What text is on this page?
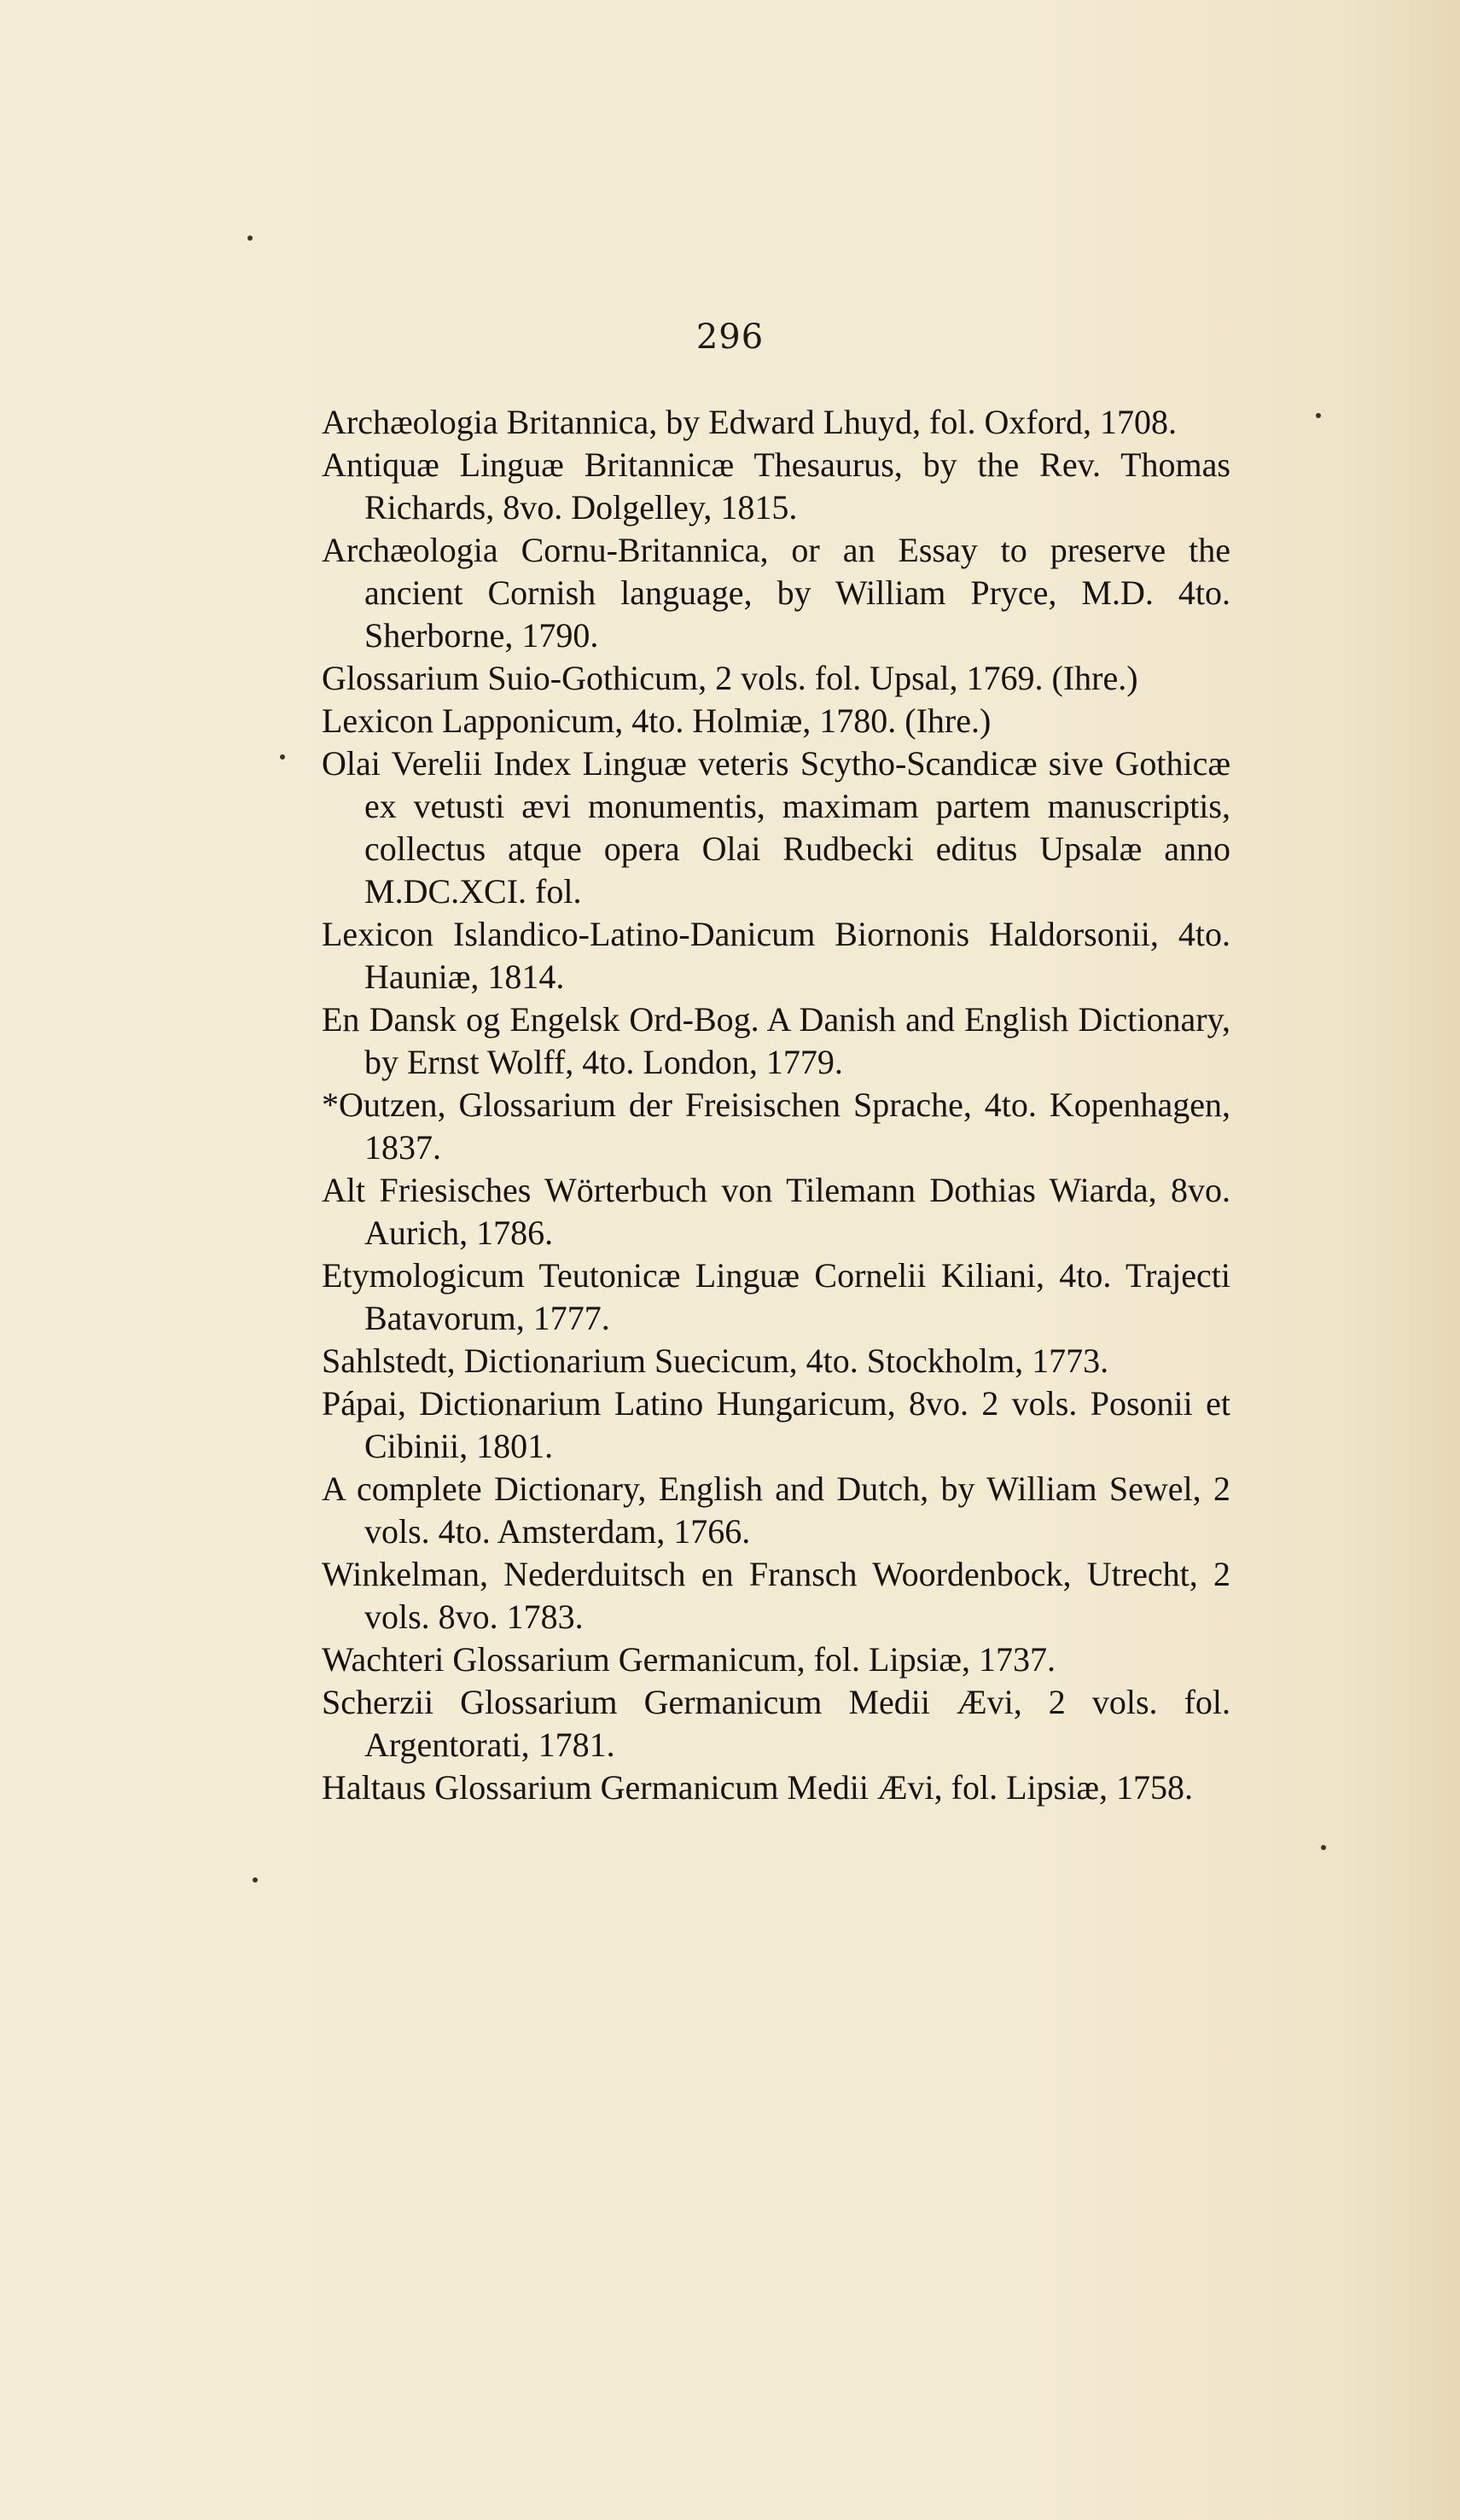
296

Archæologia Britannica, by Edward Lhuyd, fol. Oxford, 1708.

Antiquæ Linguæ Britannicæ Thesaurus, by the Rev. Thomas Richards, 8vo. Dolgelley, 1815.

Archæologia Cornu-Britannica, or an Essay to preserve the ancient Cornish language, by William Pryce, M.D. 4to. Sherborne, 1790.

Glossarium Suio-Gothicum, 2 vols. fol. Upsal, 1769. (Ihre.)

Lexicon Lapponicum, 4to. Holmiæ, 1780. (Ihre.)

Olai Verelii Index Linguæ veteris Scytho-Scandicæ sive Gothicæ ex vetusti ævi monumentis, maximam partem manuscriptis, collectus atque opera Olai Rudbecki editus Upsalæ anno M.DC.XCI. fol.

Lexicon Islandico-Latino-Danicum Biornonis Haldorsonii, 4to. Hauniæ, 1814.

En Dansk og Engelsk Ord-Bog. A Danish and English Dictionary, by Ernst Wolff, 4to. London, 1779.

*Outzen, Glossarium der Freisischen Sprache, 4to. Kopenhagen, 1837.

Alt Friesisches Wörterbuch von Tilemann Dothias Wiarda, 8vo. Aurich, 1786.

Etymologicum Teutonicæ Linguæ Cornelii Kiliani, 4to. Trajecti Batavorum, 1777.

Sahlstedt, Dictionarium Suecicum, 4to. Stockholm, 1773.

Pápai, Dictionarium Latino Hungaricum, 8vo. 2 vols. Posonii et Cibinii, 1801.

A complete Dictionary, English and Dutch, by William Sewel, 2 vols. 4to. Amsterdam, 1766.

Winkelman, Nederduitsch en Fransch Woordenbock, Utrecht, 2 vols. 8vo. 1783.

Wachteri Glossarium Germanicum, fol. Lipsiæ, 1737.

Scherzii Glossarium Germanicum Medii Ævi, 2 vols. fol. Argentorati, 1781.

Haltaus Glossarium Germanicum Medii Ævi, fol. Lipsiæ, 1758.
